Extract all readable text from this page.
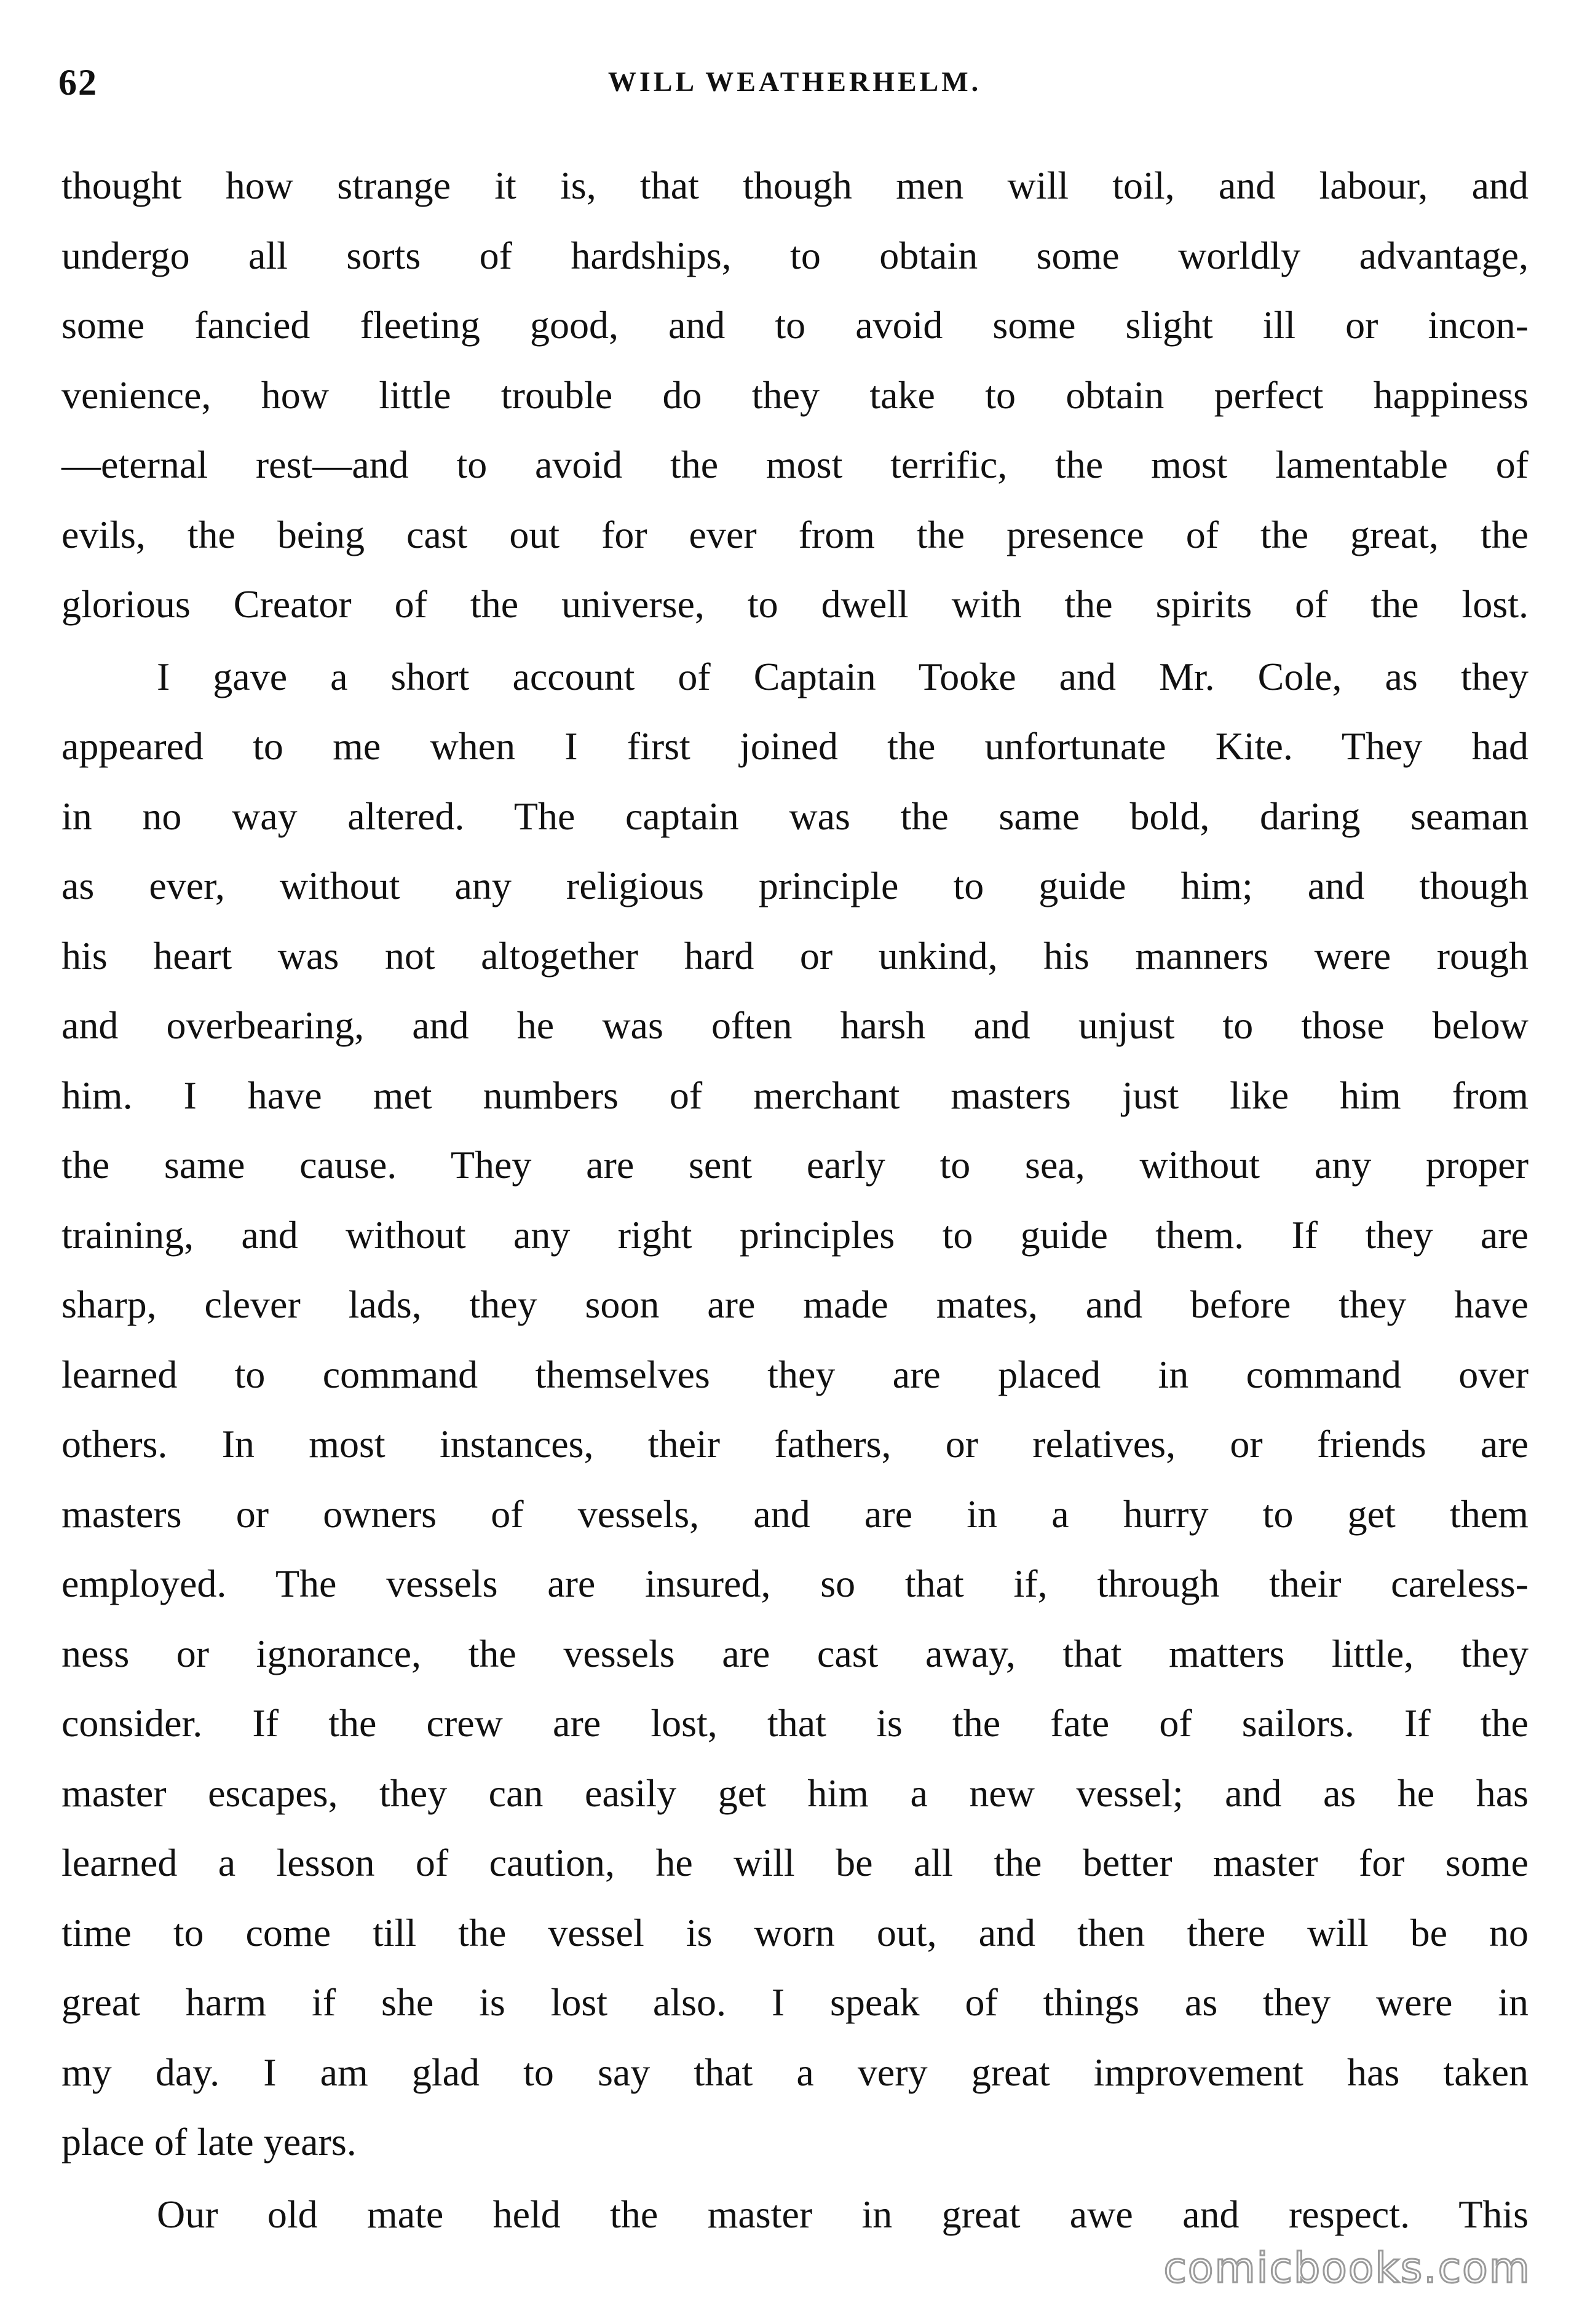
62	WILL WEATHERHELM.
thought how strange it is, that though men will toil, and labour, and
undergo all sorts of hardships, to obtain some worldly advantage,
some fancied fleeting good, and to avoid some slight ill or incon-
venience, how little trouble do they take to obtain perfect happiness
—eternal rest—and to avoid the most terrific, the most lamentable of
evils, the being cast out for ever from the presence of the great, the
glorious Creator of the universe, to dwell with the spirits of the lost.
I gave a short account of Captain Tooke and Mr. Cole, as they
appeared to me when I first joined the unfortunate Kite. They had
in no way altered. The captain was the same bold, daring seaman
as ever, without any religious principle to guide him; and though
his heart was not altogether hard or unkind, his manners were rough
and overbearing, and he was often harsh and unjust to those below
him. I have met numbers of merchant masters just like him from
the same cause. They are sent early to sea, without any proper
training, and without any right principles to guide them. If they are
sharp, clever lads, they soon are made mates, and before they have
learned to command themselves they are placed in command over
others. In most instances, their fathers, or relatives, or friends are
masters or owners of vessels, and are in a hurry to get them
employed. The vessels are insured, so that if, through their careless-
ness or ignorance, the vessels are cast away, that matters little, they
consider. If the crew are lost, that is the fate of sailors. If the
master escapes, they can easily get him a new vessel; and as he has
learned a lesson of caution, he will be all the better master for some
time to come till the vessel is worn out, and then there will be no
great harm if she is lost also. I speak of things as they were in
my day. I am glad to say that a very great improvement has taken
place of late years.
Our old mate held the master in great awe and respect. This
comicbooks.com
